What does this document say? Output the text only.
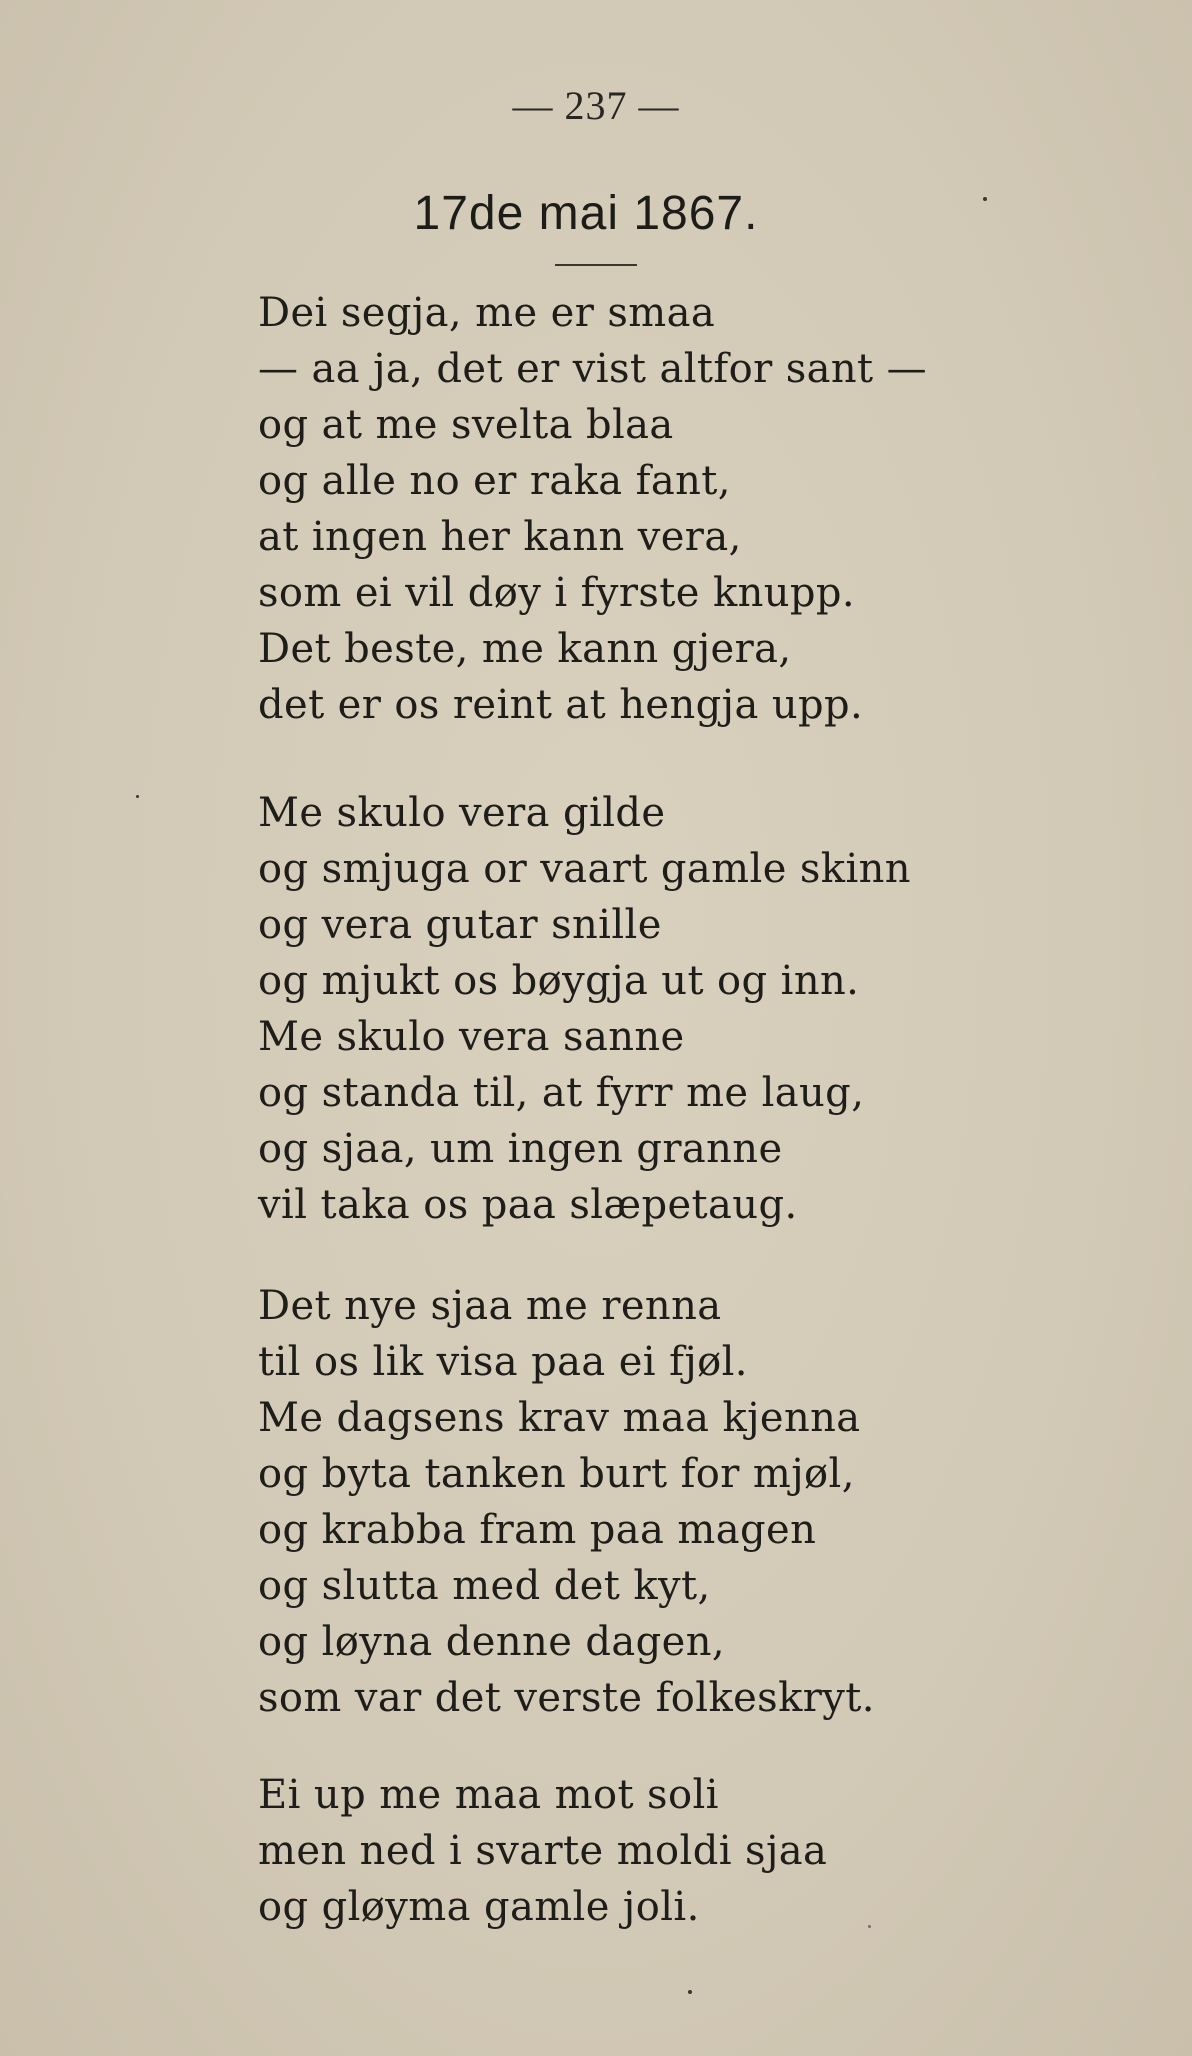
— 237 —
17de mai 1867.
Dei segja, me er smaa
— aa ja, det er vist altfor sant —
og at me svelta blaa
og alle no er raka fant,
at ingen her kann vera,
som ei vil døy i fyrste knupp.
Det beste, me kann gjera,
det er os reint at hengja upp.
Me skulo vera gilde
og smjuga or vaart gamle skinn
og vera gutar snille
og mjukt os bøygja ut og inn.
Me skulo vera sanne
og standa til, at fyrr me laug,
og sjaa, um ingen granne
vil taka os paa slæpetaug.
Det nye sjaa me renna
til os lik visa paa ei fjøl.
Me dagsens krav maa kjenna
og byta tanken burt for mjøl,
og krabba fram paa magen
og slutta med det kyt,
og løyna denne dagen,
som var det verste folkeskryt.
Ei up me maa mot soli
men ned i svarte moldi sjaa
og gløyma gamle joli.
